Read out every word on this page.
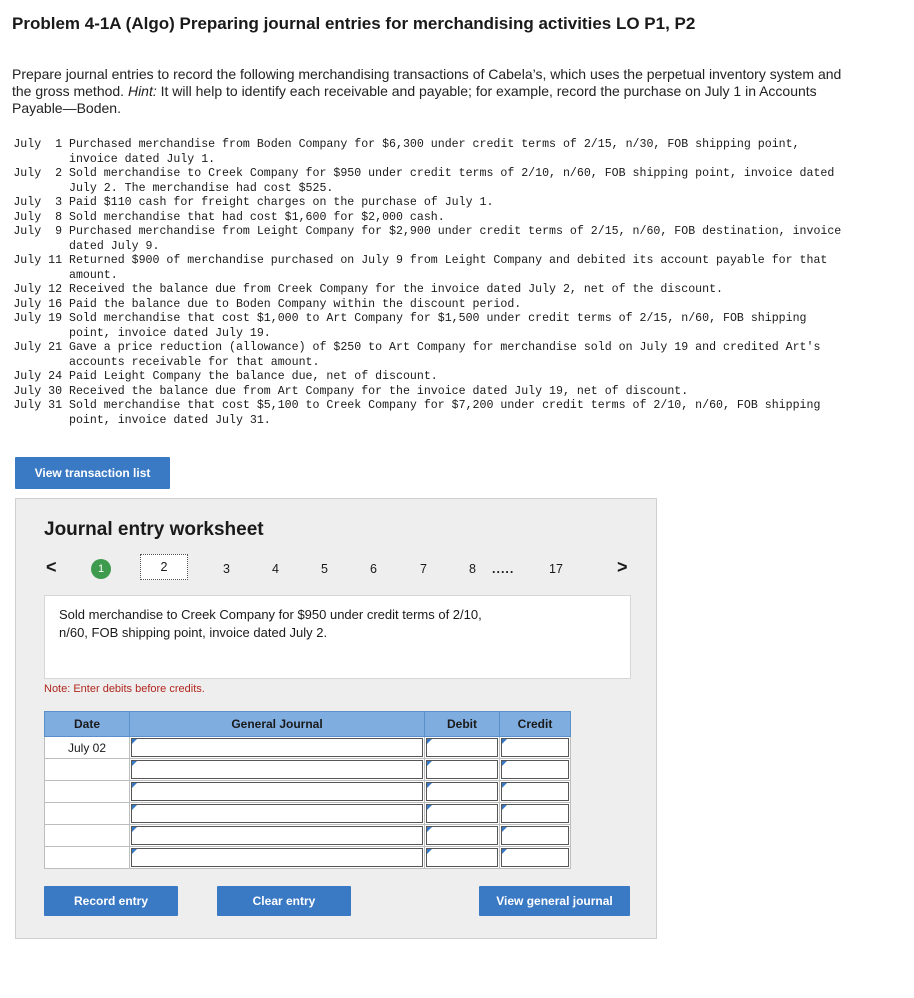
Problem 4-1A (Algo) Preparing journal entries for merchandising activities LO P1, P2
Prepare journal entries to record the following merchandising transactions of Cabela’s, which uses the perpetual inventory system and
the gross method. Hint: It will help to identify each receivable and payable; for example, record the purchase on July 1 in Accounts
Payable—Boden.
July  1 Purchased merchandise from Boden Company for $6,300 under credit terms of 2/15, n/30, FOB shipping point,
invoice dated July 1.
July  2 Sold merchandise to Creek Company for $950 under credit terms of 2/10, n/60, FOB shipping point, invoice dated
July 2. The merchandise had cost $525.
July  3 Paid $110 cash for freight charges on the purchase of July 1.
July  8 Sold merchandise that had cost $1,600 for $2,000 cash.
July  9 Purchased merchandise from Leight Company for $2,900 under credit terms of 2/15, n/60, FOB destination, invoice
dated July 9.
July 11 Returned $900 of merchandise purchased on July 9 from Leight Company and debited its account payable for that
amount.
July 12 Received the balance due from Creek Company for the invoice dated July 2, net of the discount.
July 16 Paid the balance due to Boden Company within the discount period.
July 19 Sold merchandise that cost $1,000 to Art Company for $1,500 under credit terms of 2/15, n/60, FOB shipping
point, invoice dated July 19.
July 21 Gave a price reduction (allowance) of $250 to Art Company for merchandise sold on July 19 and credited Art's
accounts receivable for that amount.
July 24 Paid Leight Company the balance due, net of discount.
July 30 Received the balance due from Art Company for the invoice dated July 19, net of discount.
July 31 Sold merchandise that cost $5,100 to Creek Company for $7,200 under credit terms of 2/10, n/60, FOB shipping
point, invoice dated July 31.
View transaction list
Journal entry worksheet
<	1	2	3	4	5	6	7	8 .....	17	>
Sold merchandise to Creek Company for $950 under credit terms of 2/10,
n/60, FOB shipping point, invoice dated July 2.
Note: Enter debits before credits.
Date	General Journal	Debit	Credit
July 02	

Record entry	Clear entry	View general journal
